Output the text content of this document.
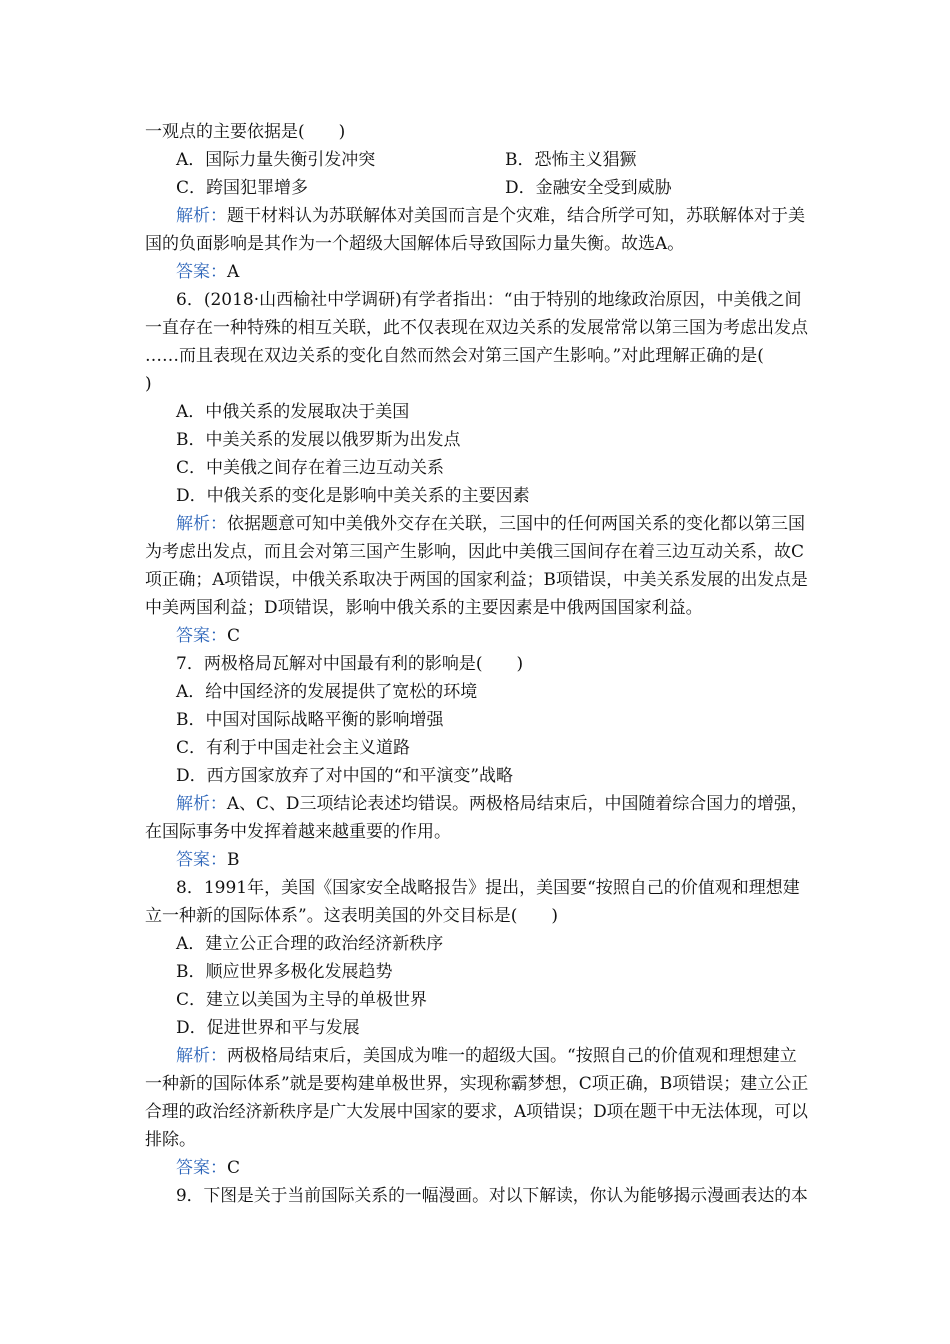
一观点的主要依据是(　　)
A．国际力量失衡引发冲突	B．恐怖主义猖獗
C．跨国犯罪增多	D．金融安全受到威胁
解析：题干材料认为苏联解体对美国而言是个灾难，结合所学可知，苏联解体对于美
国的负面影响是其作为一个超级大国解体后导致国际力量失衡。故选A。
答案：A
6．(2018·山西榆社中学调研)有学者指出：“由于特别的地缘政治原因，中美俄之间
一直存在一种特殊的相互关联，此不仅表现在双边关系的发展常常以第三国为考虑出发点
……而且表现在双边关系的变化自然而然会对第三国产生影响。”对此理解正确的是(
)
A．中俄关系的发展取决于美国
B．中美关系的发展以俄罗斯为出发点
C．中美俄之间存在着三边互动关系
D．中俄关系的变化是影响中美关系的主要因素
解析：依据题意可知中美俄外交存在关联，三国中的任何两国关系的变化都以第三国
为考虑出发点，而且会对第三国产生影响，因此中美俄三国间存在着三边互动关系，故C
项正确；A项错误，中俄关系取决于两国的国家利益；B项错误，中美关系发展的出发点是
中美两国利益；D项错误，影响中俄关系的主要因素是中俄两国国家利益。
答案：C
7．两极格局瓦解对中国最有利的影响是(　　)
A．给中国经济的发展提供了宽松的环境
B．中国对国际战略平衡的影响增强
C．有利于中国走社会主义道路
D．西方国家放弃了对中国的“和平演变”战略
解析：A、C、D三项结论表述均错误。两极格局结束后，中国随着综合国力的增强，
在国际事务中发挥着越来越重要的作用。
答案：B
8．1991年，美国《国家安全战略报告》提出，美国要“按照自己的价值观和理想建
立一种新的国际体系”。这表明美国的外交目标是(　　)
A．建立公正合理的政治经济新秩序
B．顺应世界多极化发展趋势
C．建立以美国为主导的单极世界
D．促进世界和平与发展
解析：两极格局结束后，美国成为唯一的超级大国。“按照自己的价值观和理想建立
一种新的国际体系”就是要构建单极世界，实现称霸梦想，C项正确，B项错误；建立公正
合理的政治经济新秩序是广大发展中国家的要求，A项错误；D项在题干中无法体现，可以
排除。
答案：C
9．下图是关于当前国际关系的一幅漫画。对以下解读，你认为能够揭示漫画表达的本
